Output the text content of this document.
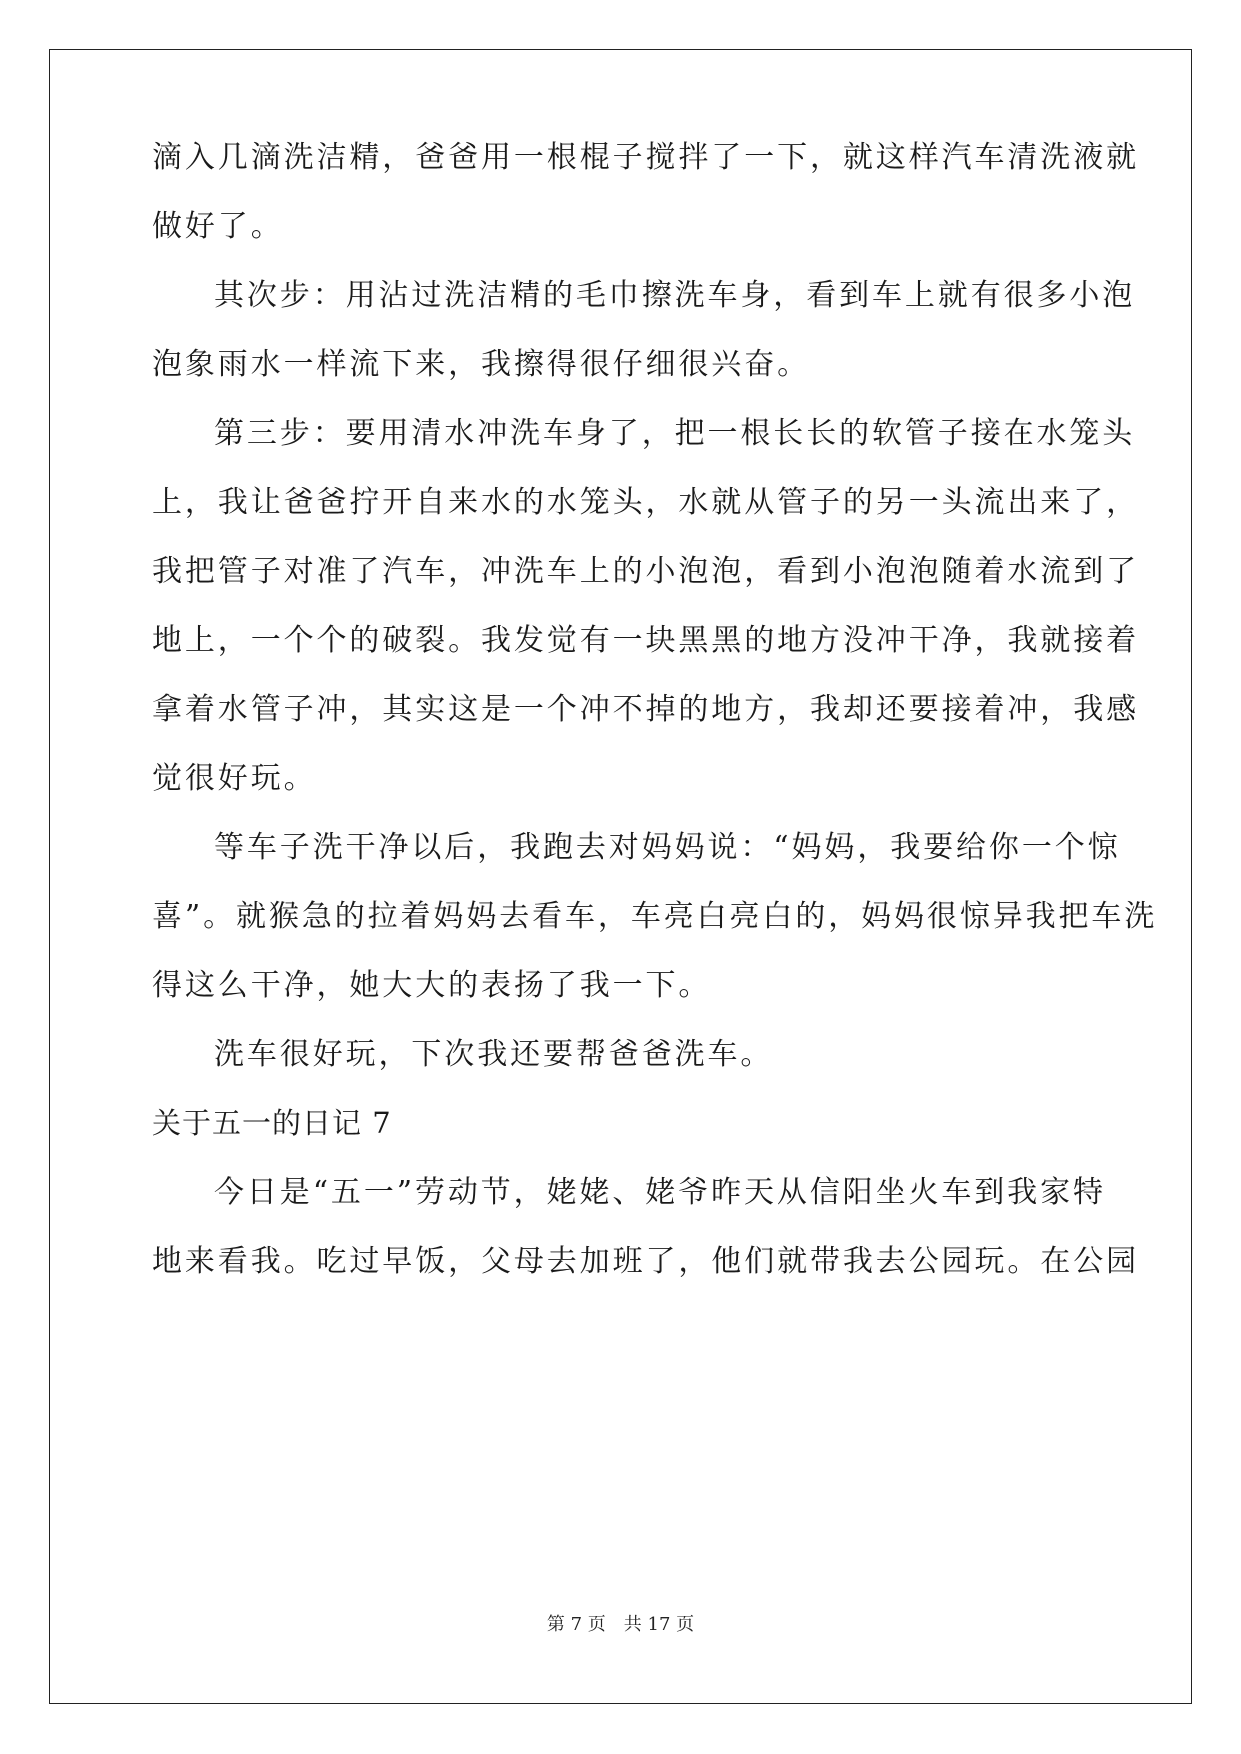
滴入几滴洗洁精，爸爸用一根棍子搅拌了一下，就这样汽车清洗液就
做好了。
其次步：用沾过洗洁精的毛巾擦洗车身，看到车上就有很多小泡
泡象雨水一样流下来，我擦得很仔细很兴奋。
第三步：要用清水冲洗车身了，把一根长长的软管子接在水笼头
上，我让爸爸拧开自来水的水笼头，水就从管子的另一头流出来了，
我把管子对准了汽车，冲洗车上的小泡泡，看到小泡泡随着水流到了
地上，一个个的破裂。我发觉有一块黑黑的地方没冲干净，我就接着
拿着水管子冲，其实这是一个冲不掉的地方，我却还要接着冲，我感
觉很好玩。
等车子洗干净以后，我跑去对妈妈说：“妈妈，我要给你一个惊
喜”。就猴急的拉着妈妈去看车，车亮白亮白的，妈妈很惊异我把车洗
得这么干净，她大大的表扬了我一下。
洗车很好玩，下次我还要帮爸爸洗车。
关于五一的日记 7
今日是“五一”劳动节，姥姥、姥爷昨天从信阳坐火车到我家特
地来看我。吃过早饭，父母去加班了，他们就带我去公园玩。在公园
第 7 页　共 17 页
